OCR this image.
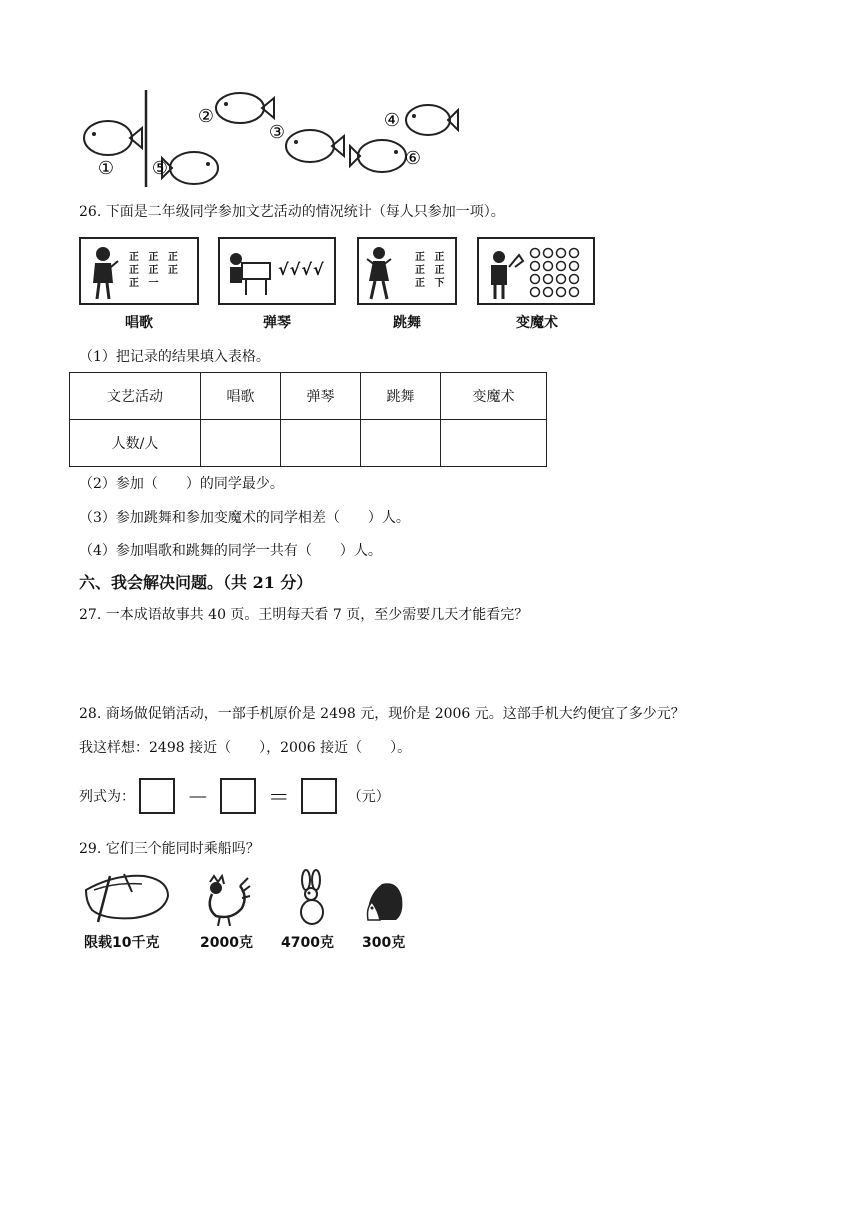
①
②
③
④
⑤	⑥
26. 下面是二年级同学参加文艺活动的情况统计（每人只参加一项）。
正 正 正
正 正 正
正 一
√√√√
正 正
正 正
正 下
唱歌	弹琴	跳舞	变魔术
（1）把记录的结果填入表格。
文艺活动	唱歌	弹琴	跳舞	变魔术
人数/人				
（2）参加（　　）的同学最少。
（3）参加跳舞和参加变魔术的同学相差（　　）人。
（4）参加唱歌和跳舞的同学一共有（　　）人。
六、我会解决问题。（共 21 分）
27. 一本成语故事共 40 页。王明每天看 7 页，至少需要几天才能看完？
28. 商场做促销活动，一部手机原价是 2498 元，现价是 2006 元。这部手机大约便宜了多少元？
我这样想：2498 接近（　　），2006 接近（　　）。
列式为： －	＝	（元）
29. 它们三个能同时乘船吗？
限载10千克	2000克 4700克 300克
